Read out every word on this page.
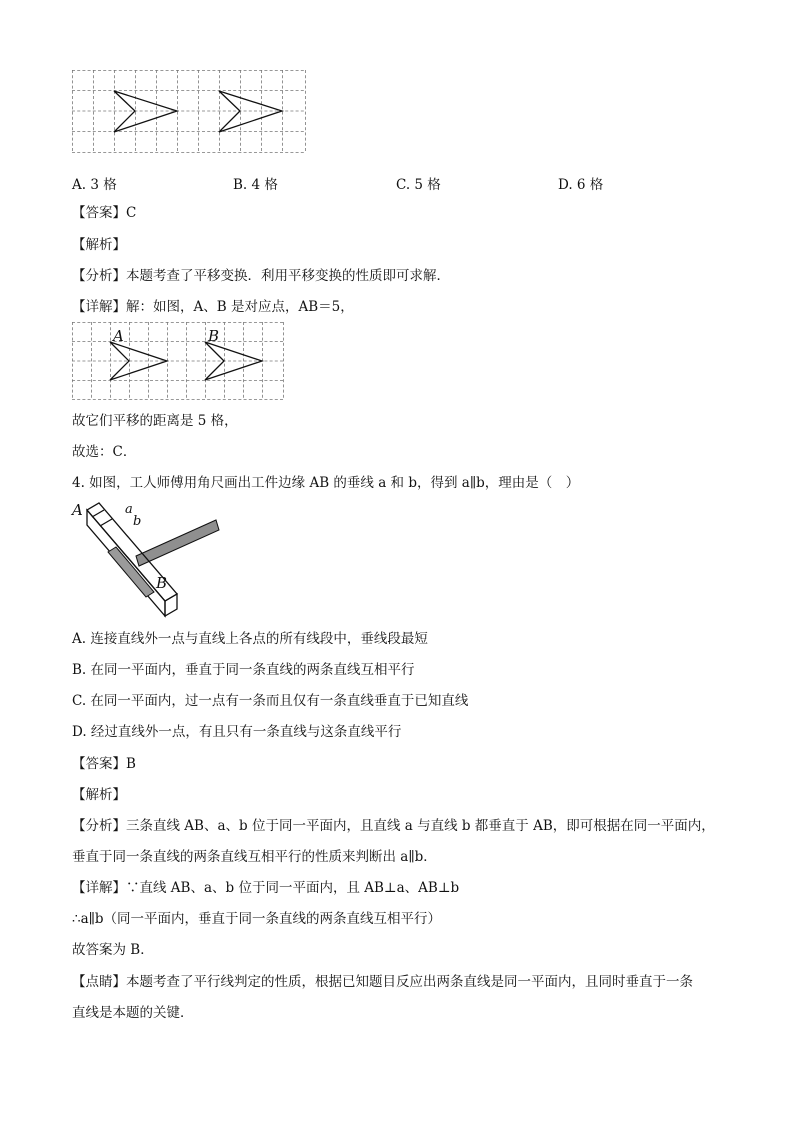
A. 3 格	B. 4 格	C. 5 格	D. 6 格
【答案】C
【解析】
【分析】本题考查了平移变换．利用平移变换的性质即可求解．
【详解】解：如图，A、B 是对应点，AB＝5，
A	B
故它们平移的距离是 5 格，
故选：C．
4. 如图，工人师傅用角尺画出工件边缘 AB 的垂线 a 和 b，得到 a∥b，理由是（　）
A	a
b
B
A. 连接直线外一点与直线上各点的所有线段中，垂线段最短
B. 在同一平面内，垂直于同一条直线的两条直线互相平行
C. 在同一平面内，过一点有一条而且仅有一条直线垂直于已知直线
D. 经过直线外一点，有且只有一条直线与这条直线平行
【答案】B
【解析】
【分析】三条直线 AB、a、b 位于同一平面内，且直线 a 与直线 b 都垂直于 AB，即可根据在同一平面内，
垂直于同一条直线的两条直线互相平行的性质来判断出 a∥b．
【详解】∵直线 AB、a、b 位于同一平面内，且 AB⊥a、AB⊥b
∴a∥b（同一平面内，垂直于同一条直线的两条直线互相平行）
故答案为 B．
【点睛】本题考查了平行线判定的性质，根据已知题目反应出两条直线是同一平面内，且同时垂直于一条
直线是本题的关键．
